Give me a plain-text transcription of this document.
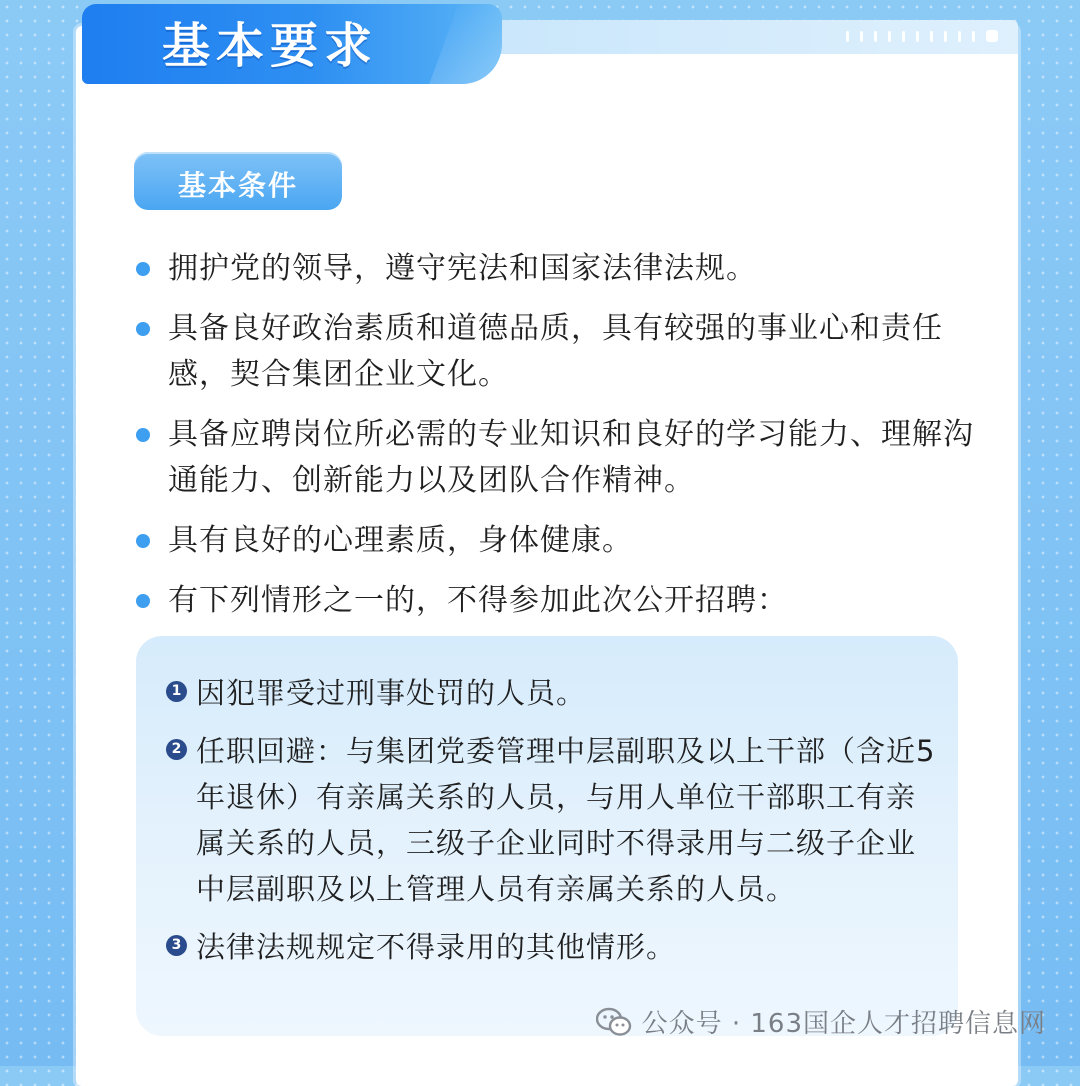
基本要求
基本条件
拥护党的领导，遵守宪法和国家法律法规。
具备良好政治素质和道德品质，具有较强的事业心和责任感，契合集团企业文化。
具备应聘岗位所必需的专业知识和良好的学习能力、理解沟通能力、创新能力以及团队合作精神。
具有良好的心理素质，身体健康。
有下列情形之一的，不得参加此次公开招聘：
1 因犯罪受过刑事处罚的人员。
2 任职回避：与集团党委管理中层副职及以上干部（含近5年退休）有亲属关系的人员，与用人单位干部职工有亲属关系的人员，三级子企业同时不得录用与二级子企业中层副职及以上管理人员有亲属关系的人员。
3 法律法规规定不得录用的其他情形。
公众号 · 163国企人才招聘信息网
